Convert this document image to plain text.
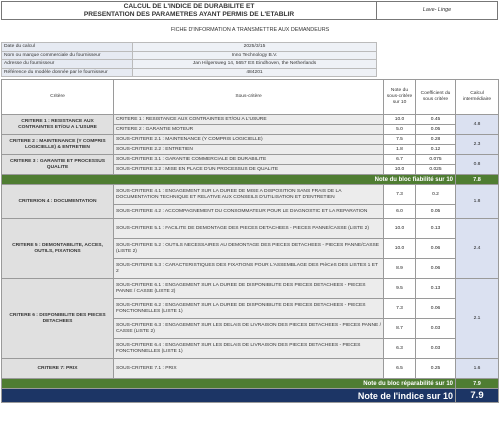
CALCUL DE L'INDICE DE DURABILITE ET
PRESENTATION DES PARAMETRES AYANT PERMIS DE L'ETABLIR
Lave- Linge
FICHE D'INFORMATION A TRANSMETTRE AUX DEMANDEURS
Date du calcul	2025/3/15
Nom ou marque commerciale du fournisseur	Inno Technology B.V.
Adresse du fournisseur	Jan Hilgersweg 14, 5657 ES Eindhoven, the Netherlands
Référence du modèle donnée par le fournisseur	484201
Critère	Sous-critère	Note du sous-critère sur 10	Coefficient du sous critère	Calcul intermédiaire
CRITERE 1 : RESISTANCE AUX CONTRAINTES ET/OU A L'USURE	CRITERE 1 : RESISTANCE AUX CONTRAINTES ET/OU A L'USURE	10.0	0.45	4.8
	CRITERE 2 : GARANTIE MOTEUR	5.0	0.05	
CRITERE 2 : MAINTENANCE (Y COMPRIS LOGICIELLE) & ENTRETIEN	SOUS-CRITERE 2.1 : MAINTENANCE (Y COMPRIS LOGICIELLE)	7.5	0.28	2.3
	SOUS-CRITERE 2.2 : ENTRETIEN	1.8	0.12	
CRITERE 3 : GARANTIE ET PROCESSUS QUALITE	SOUS-CRITERE 3.1 : GARANTIE COMMERCIALE DE DURABILITE	6.7	0.075	0.8
	SOUS-CRITERE 3.2 : MISE EN PLACE D'UN PROCESSUS DE QUALITE	10.0	0.025	
Note du bloc fiabilité sur 10				7.8
CRITERION 4 : DOCUMENTATION	SOUS-CRITERE 4.1 : ENGAGEMENT SUR LA DUREE DE MISE A DISPOSITION SANS FRAIS DE LA DOCUMENTATION TECHNIQUE ET RELATIVE AUX CONSEILS D'UTILISATION ET D'ENTRETIEN	7.3	0.2	1.8
	SOUS-CRITERE 4.2 : ACCOMPAGNEMENT DU CONSOMMATEUR POUR LE DIAGNOSTIC ET LA REPARATION	6.0	0.05	
CRITERE 5 : DEMONTABILITE, ACCES, OUTILS, FIXATIONS	SOUS-CRITERE 5.1 : FACILITE DE DEMONTAGE DES PIECES DETACHEES - PIECES PANNE/CASSE (LISTE 2)	10.0	0.13	2.4
	SOUS-CRITERE 5.2 : OUTILS NECESSAIRES AU DEMONTAGE DES PIECES DETACHEES - PIECES PANNE/CASSE (LISTE 2)	10.0	0.06	
	SOUS-CRITERE 5.3 : CARACTERISTIQUES DES FIXATIONS POUR L'ASSEMBLAGE DES PIèCeS DES LISTES 1 ET 2	8.9	0.06	
CRITERE 6 : DISPONIBILITE DES PIECES DETACHEES	SOUS-CRITERE 6.1 : ENGAGEMENT SUR LA DUREE DE DISPONIBILITE DES PIECES DETACHEES - PIECES PANNE / CASSE (LISTE 2)	9.5	0.13	2.1
	SOUS-CRITERE 6.2 : ENGAGEMENT SUR LA DUREE DE DISPONIBILITE DES PIECES DETACHEES - PIECES FONCTIONNELLES (LISTE 1)	7.3	0.06	
	SOUS-CRITERE 6.3 : ENGAGEMENT SUR LES DELAIS DE LIVRAISON DES PIECES DETACHEES - PIECES PANNE / CASSE (LISTE 2)	8.7	0.03	
	SOUS-CRITERE 6.4 : ENGAGEMENT SUR LES DELAIS DE LIVRAISON DES PIECES DETACHEES - PIECES FONCTIONNELLES (LISTE 1)	6.3	0.03	
CRITERE 7: PRIX	SOUS-CRITERE 7.1 : PRIX	6.5	0.25	1.6
Note du bloc réparabilité sur 10				7.9
Note de l'indice sur 10				7.9
